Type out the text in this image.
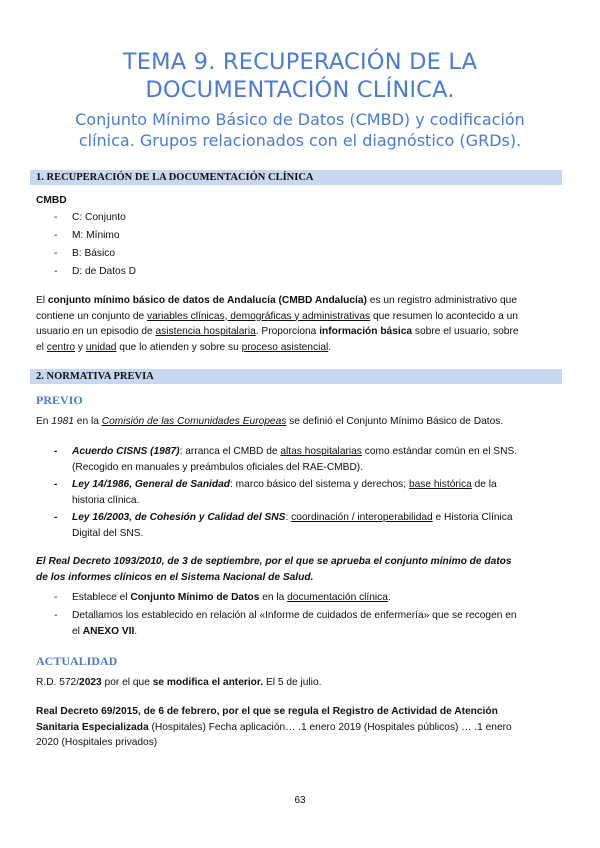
TEMA 9. RECUPERACIÓN DE LA
DOCUMENTACIÓN CLÍNICA.
Conjunto Mínimo Básico de Datos (CMBD) y codificación
clínica. Grupos relacionados con el diagnóstico (GRDs).
1. RECUPERACIÓN DE LA DOCUMENTACIÓN CLÍNICA
CMBD
- C: Conjunto
- M: Mínimo
- B: Básico
- D: de Datos D
El conjunto mínimo básico de datos de Andalucía (CMBD Andalucía) es un registro administrativo que
contiene un conjunto de variables clínicas, demográficas y administrativas que resumen lo acontecido a un
usuario en un episodio de asistencia hospitalaria. Proporciona información básica sobre el usuario, sobre
el centro y unidad que lo atienden y sobre su proceso asistencial.
2. NORMATIVA PREVIA
PREVIO
En 1981 en la Comisión de las Comunidades Europeas se definió el Conjunto Mínimo Básico de Datos.
- Acuerdo CISNS (1987): arranca el CMBD de altas hospitalarias como estándar común en el SNS.
(Recogido en manuales y preámbulos oficiales del RAE-CMBD).
- Ley 14/1986, General de Sanidad: marco básico del sistema y derechos; base histórica de la
historia clínica.
- Ley 16/2003, de Cohesión y Calidad del SNS: coordinación / interoperabilidad e Historia Clínica
Digital del SNS.
El Real Decreto 1093/2010, de 3 de septiembre, por el que se aprueba el conjunto mínimo de datos
de los informes clínicos en el Sistema Nacional de Salud.
- Establece el Conjunto Mínimo de Datos en la documentación clínica.
- Detallamos los establecido en relación al «Informe de cuidados de enfermería» que se recogen en
el ANEXO VII.
ACTUALIDAD
R.D. 572/2023 por el que se modifica el anterior. El 5 de julio.
Real Decreto 69/2015, de 6 de febrero, por el que se regula el Registro de Actividad de Atención
Sanitaria Especializada (Hospitales) Fecha aplicación… .1 enero 2019 (Hospitales públicos) … .1 enero
2020 (Hospitales privados)
63
